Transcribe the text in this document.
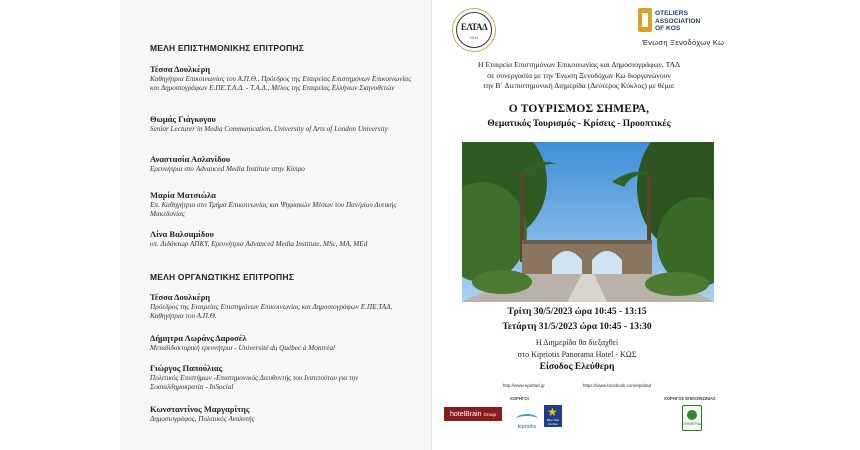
ΜΕΛΗ ΕΠΙΣΤΗΜΟΝΙΚΗΣ ΕΠΙΤΡΟΠΗΣ
Τέσσα Δουλκέρη
Καθηγήτρια Επικοινωνίας του Α.Π.Θ., Πρόεδρος της Εταιρείας Επιστημόνων Επικοινωνίας και Δημοσιογράφων Ε.ΠΕ.Τ.Α.Δ. - Τ.Α.Δ., Μέλος της Εταιρείας Ελλήνων Σκηνοθετών
Θωμάς Γιάγκογου
Senior Lecturer in Media Communication, University of Arts of London University
Αναστασία Ασλανίδου
Ερευνήτρια στο Advanced Media Institute στην Κύπρο
Μαρία Ματσιώλα
Επ. Καθηγήτρια στο Τμήμα Επικοινωνίας και Ψηφιακών Μέσων του Παν/μίου Δυτικής Μακεδονίας
Λίνα Βαλσαμίδου
υπ. Διδάκτωρ ΑΠΚΥ, Ερευνήτρια Advanced Media Institute, MSc, MA, MEd
ΜΕΛΗ ΟΡΓΑΝΩΤΙΚΗΣ ΕΠΙΤΡΟΠΗΣ
Τέσσα Δουλκέρη
Πρόεδρος της Εταιρείας Επιστημόνων Επικοινωνίας και Δημοσιογράφων Ε.ΠΕ.ΤΑΔ, Καθηγήτρια του Α.Π.Θ.
Δήμητρα Λωράνς Δαροσέλ
Μεταδιδακτορική ερευνήτρια - Université du Québec à Montréal
Γιώργος Παπούλιας
Πολιτικός Επιστήμων -Επιστημονικός Διευθυντής του Ινστιτούτου για την Σοσιαλδημοκρατία - InSocial
Κωνσταντίνος Μαργαρίτης
Δημοσιογράφος, Πολιτικός Αναλυτής
ΕΛΤΑΔ
2014
OTELIERS
ASSOCIATION
OF KOS
Ένωση Ξενοδόχων Κω
Η Εταιρεία Επιστημόνων Επικοινωνίας και Δημοσιογράφων, ΤΑΔ
σε συνεργασία με την Ένωση Ξενοδόχων Κω διοργανώνουν
την Β΄ Διεπιστημονική Διημερίδα (Δεύτερος Κύκλος) με θέμα:
Ο ΤΟΥΡΙΣΜΟΣ ΣΗΜΕΡΑ,
Θεματικός Τουρισμός - Κρίσεις - Προοπτικές
Τρίτη 30/5/2023 ώρα 10:45 - 13:15
Τετάρτη 31/5/2023 ώρα 10:45 - 13:30
Η Διημερίδα θα διεξαχθεί
στο Kipriotis Panorama Hotel - ΚΩΣ
Είσοδος Ελεύθερη
http://www.epeltad.gr	https://www.facebook.com/epeltad
ΧΟΡΗΓΟΙ	ΧΟΡΗΓΟΣ ΕΠΙΚΟΙΝΩΝΙΑΣ
hotelBrain Group
kipriotis
★
Blue Star Ferries	ΕΦΗΜΕΡΙΔΑ
